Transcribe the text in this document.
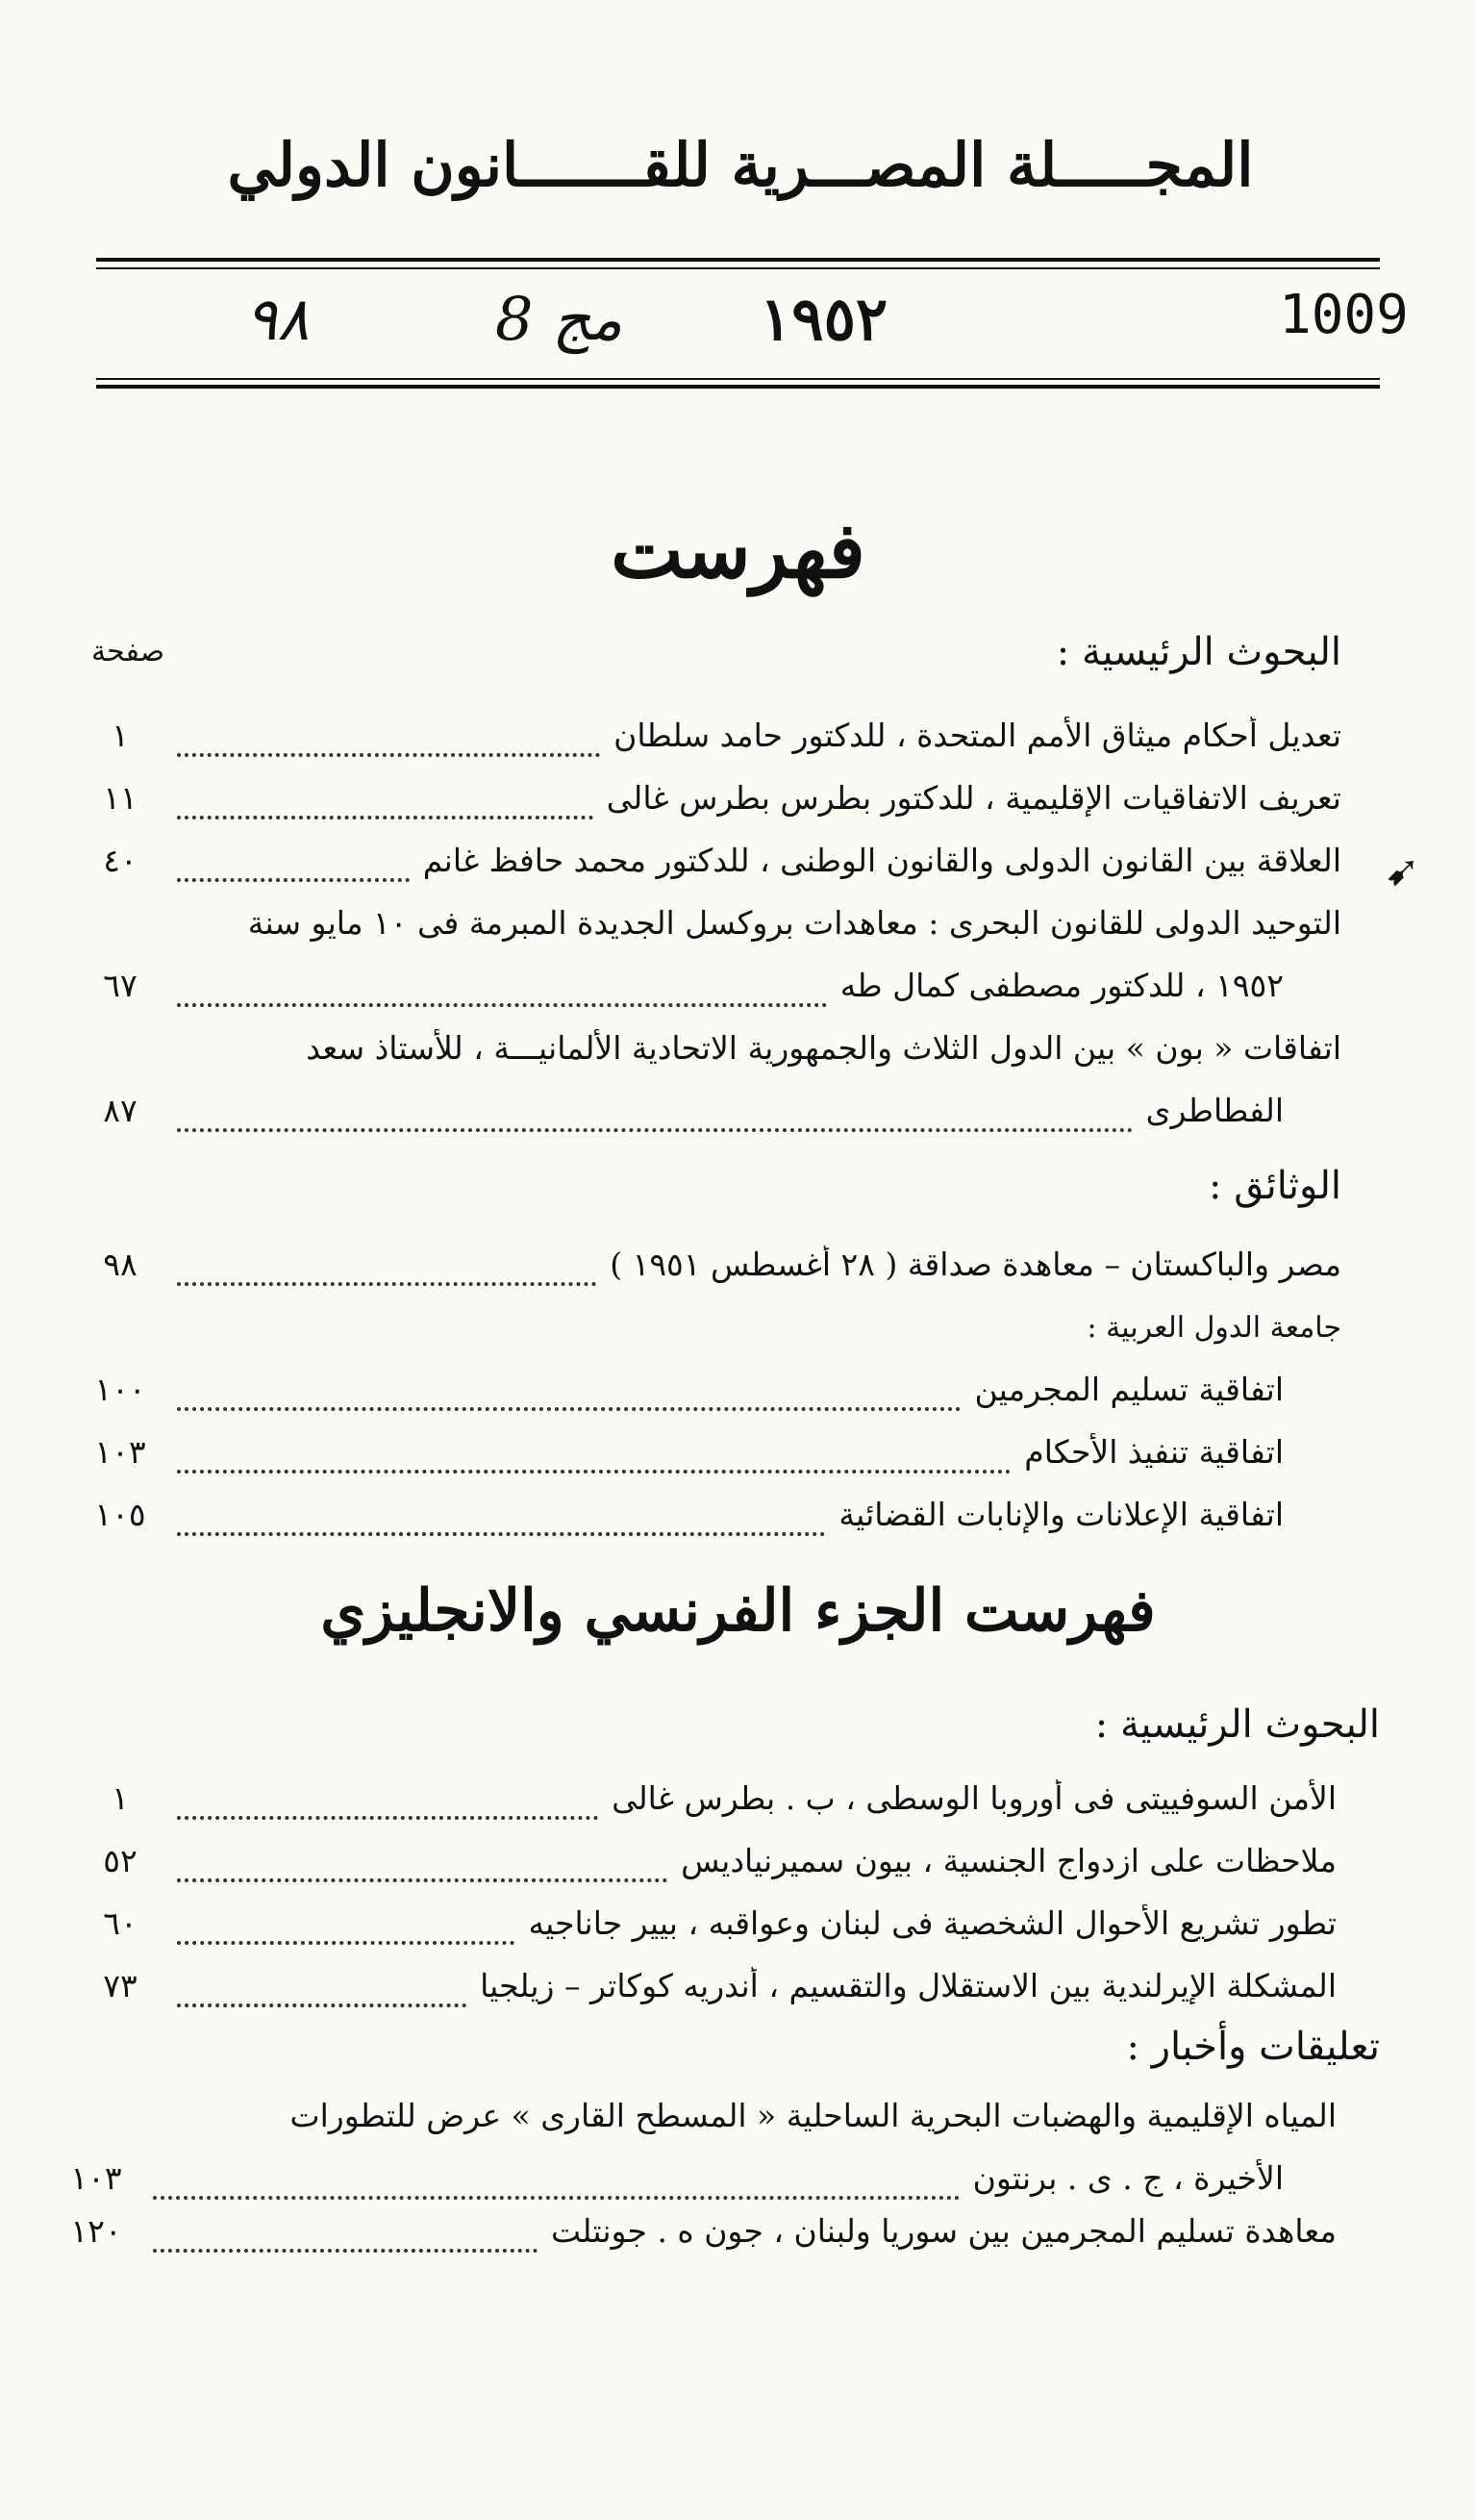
المجـــــلة المصـــرية للقـــــــانون الدولي
1009
١٩٥٢
مج 8
٩٨
فهرست
البحوث الرئيسية :
صفحة
تعديل أحكام ميثاق الأمم المتحدة ، للدكتور حامد سلطان
١
تعريف الاتفاقيات الإقليمية ، للدكتور بطرس بطرس غالى
١١
العلاقة بين القانون الدولى والقانون الوطنى ، للدكتور محمد حافظ غانم
٤٠	➹
التوحيد الدولى للقانون البحرى : معاهدات بروكسل الجديدة المبرمة فى ١٠ مايو سنة
١٩٥٢ ، للدكتور مصطفى كمال طه
٦٧
اتفاقات « بون » بين الدول الثلاث والجمهورية الاتحادية الألمانيـــة ، للأستاذ سعد
الفطاطرى
٨٧
الوثائق :
مصر والباكستان – معاهدة صداقة ( ٢٨ أغسطس ١٩٥١ )
٩٨
جامعة الدول العربية :
اتفاقية تسليم المجرمين
١٠٠
اتفاقية تنفيذ الأحكام
١٠٣
اتفاقية الإعلانات والإنابات القضائية
١٠٥
فهرست الجزء الفرنسي والانجليزي
البحوث الرئيسية :
الأمن السوفييتى فى أوروبا الوسطى ، ب . بطرس غالى
١
ملاحظات على ازدواج الجنسية ، بيون سميرنياديس
٥٢
تطور تشريع الأحوال الشخصية فى لبنان وعواقبه ، بيير جاناجيه
٦٠
المشكلة الإيرلندية بين الاستقلال والتقسيم ، أندريه كوكاتر – زيلجيا
٧٣
تعليقات وأخبار :
المياه الإقليمية والهضبات البحرية الساحلية « المسطح القارى » عرض للتطورات
الأخيرة ، ج . ى . برنتون
١٠٣
معاهدة تسليم المجرمين بين سوريا ولبنان ، جون ه . جونتلت
١٢٠
